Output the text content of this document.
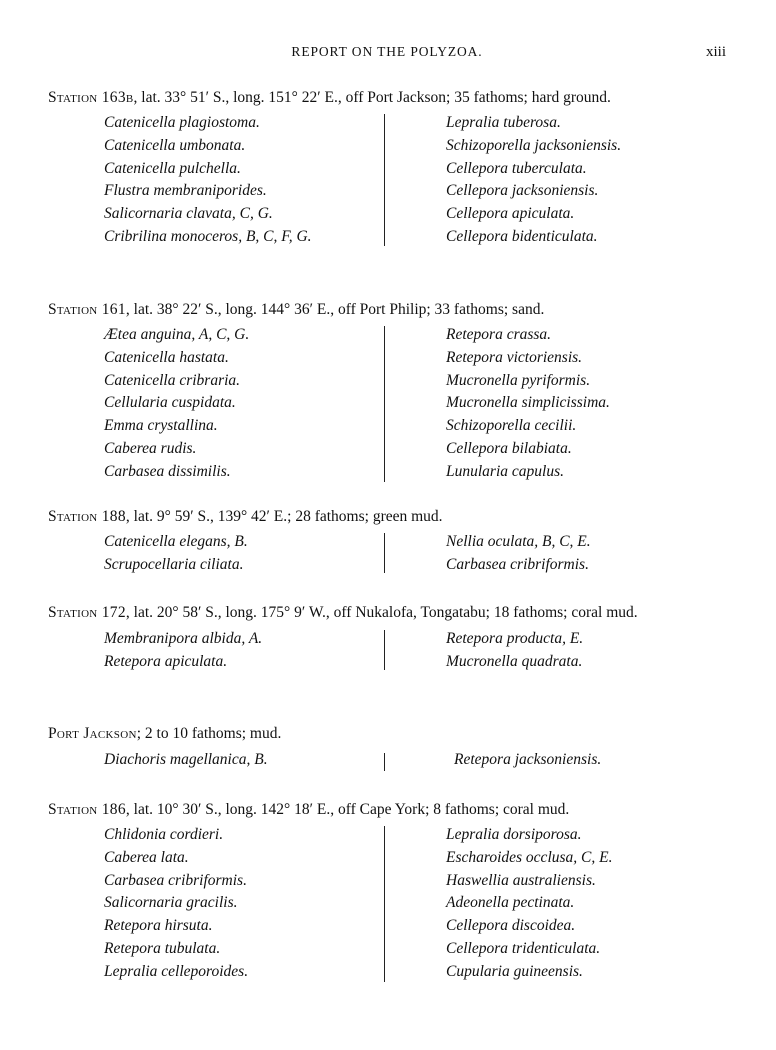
REPORT ON THE POLYZOA.	xiii
Station 163b, lat. 33° 51′ S., long. 151° 22′ E., off Port Jackson; 35 fathoms; hard ground.
Catenicella plagiostoma.
Catenicella umbonata.
Catenicella pulchella.
Flustra membraniporides.
Salicornaria clavata, C, G.
Cribrilina monoceros, B, C, F, G.
Lepralia tuberosa.
Schizoporella jacksoniensis.
Cellepora tuberculata.
Cellepora jacksoniensis.
Cellepora apiculata.
Cellepora bidenticulata.
Station 161, lat. 38° 22′ S., long. 144° 36′ E., off Port Philip; 33 fathoms; sand.
Ætea anguina, A, C, G.
Catenicella hastata.
Catenicella cribraria.
Cellularia cuspidata.
Emma crystallina.
Caberea rudis.
Carbasea dissimilis.
Retepora crassa.
Retepora victoriensis.
Mucronella pyriformis.
Mucronella simplicissima.
Schizoporella cecilii.
Cellepora bilabiata.
Lunularia capulus.
Station 188, lat. 9° 59′ S., 139° 42′ E.; 28 fathoms; green mud.
Catenicella elegans, B.
Scrupocellaria ciliata.
Nellia oculata, B, C, E.
Carbasea cribriformis.
Station 172, lat. 20° 58′ S., long. 175° 9′ W., off Nukalofa, Tongatabu; 18 fathoms; coral mud.
Membranipora albida, A.
Retepora apiculata.
Retepora producta, E.
Mucronella quadrata.
Port Jackson; 2 to 10 fathoms; mud.
Diachoris magellanica, B.	Retepora jacksoniensis.
Station 186, lat. 10° 30′ S., long. 142° 18′ E., off Cape York; 8 fathoms; coral mud.
Chlidonia cordieri.
Caberea lata.
Carbasea cribriformis.
Salicornaria gracilis.
Retepora hirsuta.
Retepora tubulata.
Lepralia celleporoides.
Lepralia dorsiporosa.
Escharoides occlusa, C, E.
Haswellia australiensis.
Adeonella pectinata.
Cellepora discoidea.
Cellepora tridenticulata.
Cupularia guineensis.
